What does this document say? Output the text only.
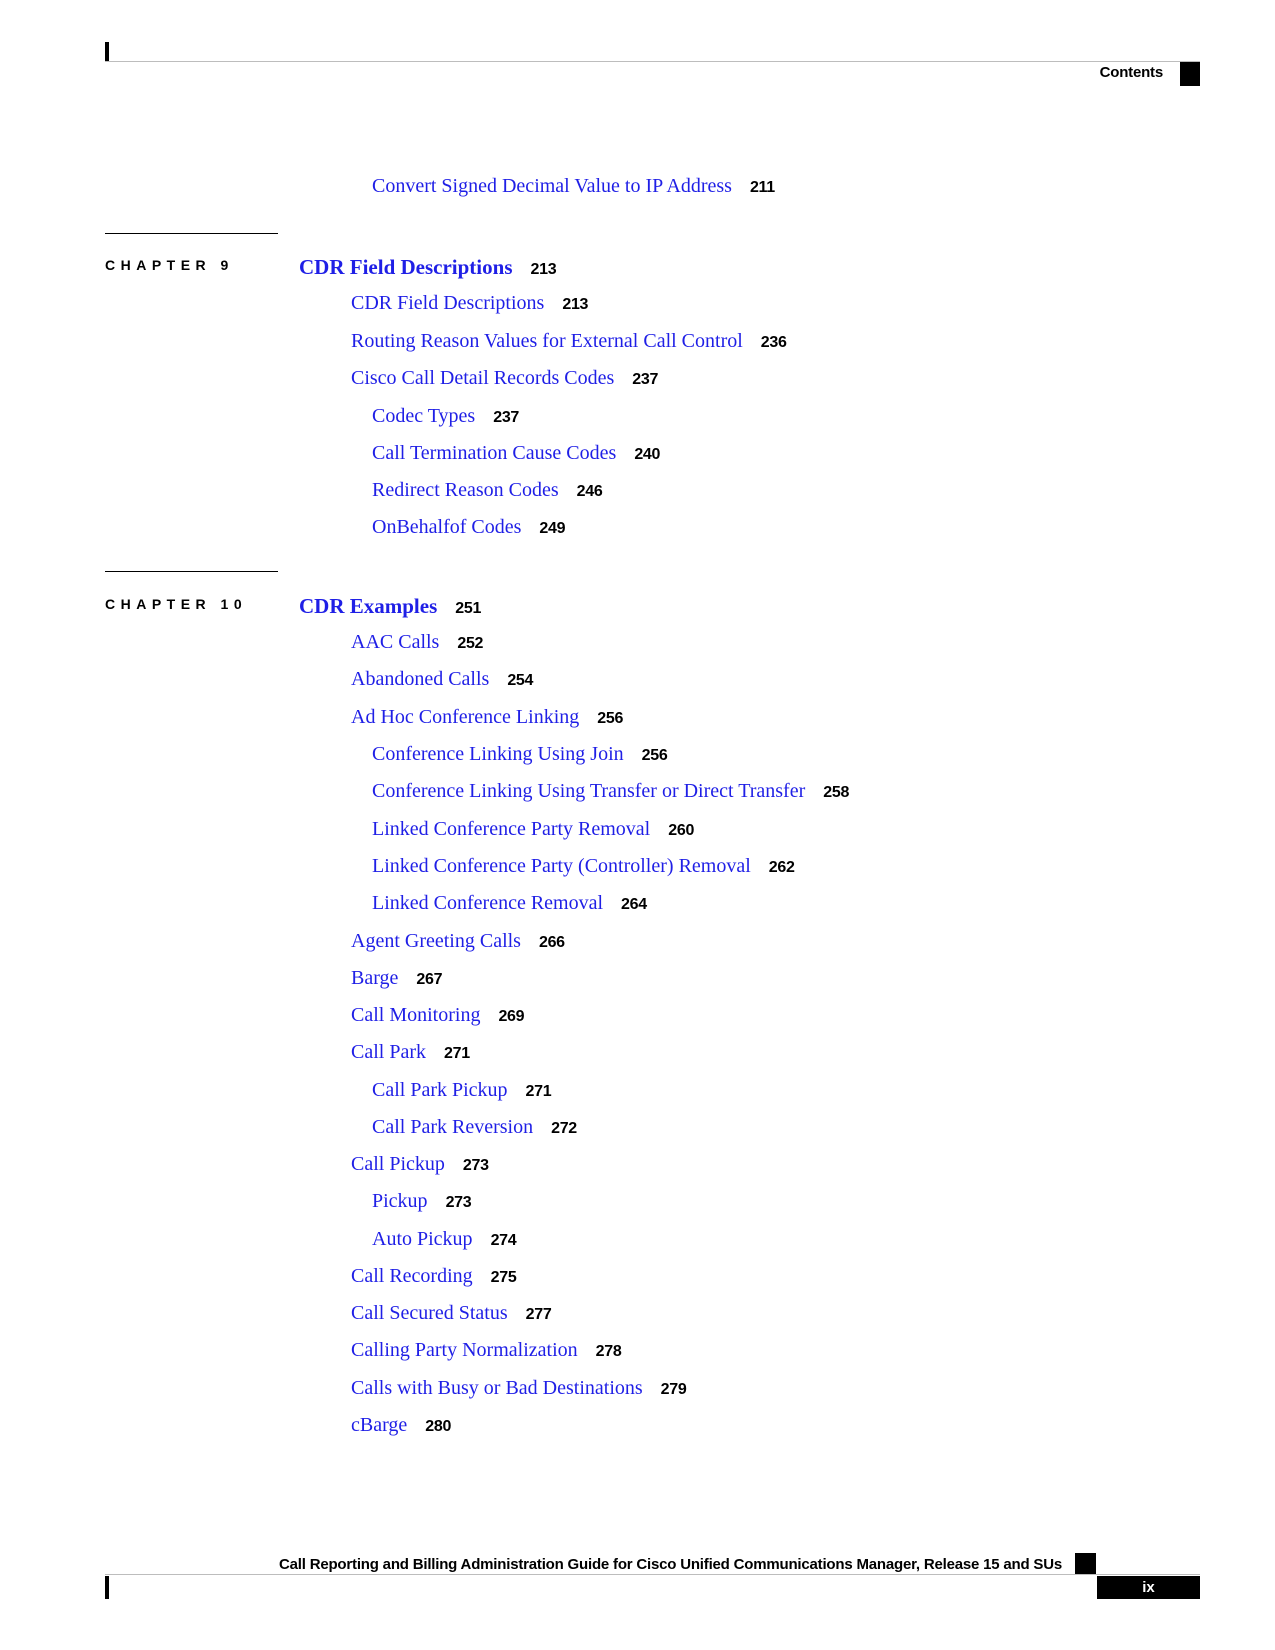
Contents
Convert Signed Decimal Value to IP Address 211
CHAPTER 9	CDR Field Descriptions 213
CDR Field Descriptions 213
Routing Reason Values for External Call Control 236
Cisco Call Detail Records Codes 237
Codec Types 237
Call Termination Cause Codes 240
Redirect Reason Codes 246
OnBehalfof Codes 249
CHAPTER 10 CDR Examples 251
AAC Calls 252
Abandoned Calls 254
Ad Hoc Conference Linking 256
Conference Linking Using Join 256
Conference Linking Using Transfer or Direct Transfer 258
Linked Conference Party Removal 260
Linked Conference Party (Controller) Removal 262
Linked Conference Removal 264
Agent Greeting Calls 266
Barge 267
Call Monitoring 269
Call Park 271
Call Park Pickup 271
Call Park Reversion 272
Call Pickup 273
Pickup 273
Auto Pickup 274
Call Recording 275
Call Secured Status 277
Calling Party Normalization 278
Calls with Busy or Bad Destinations 279
cBarge 280
Call Reporting and Billing Administration Guide for Cisco Unified Communications Manager, Release 15 and SUs
ix
